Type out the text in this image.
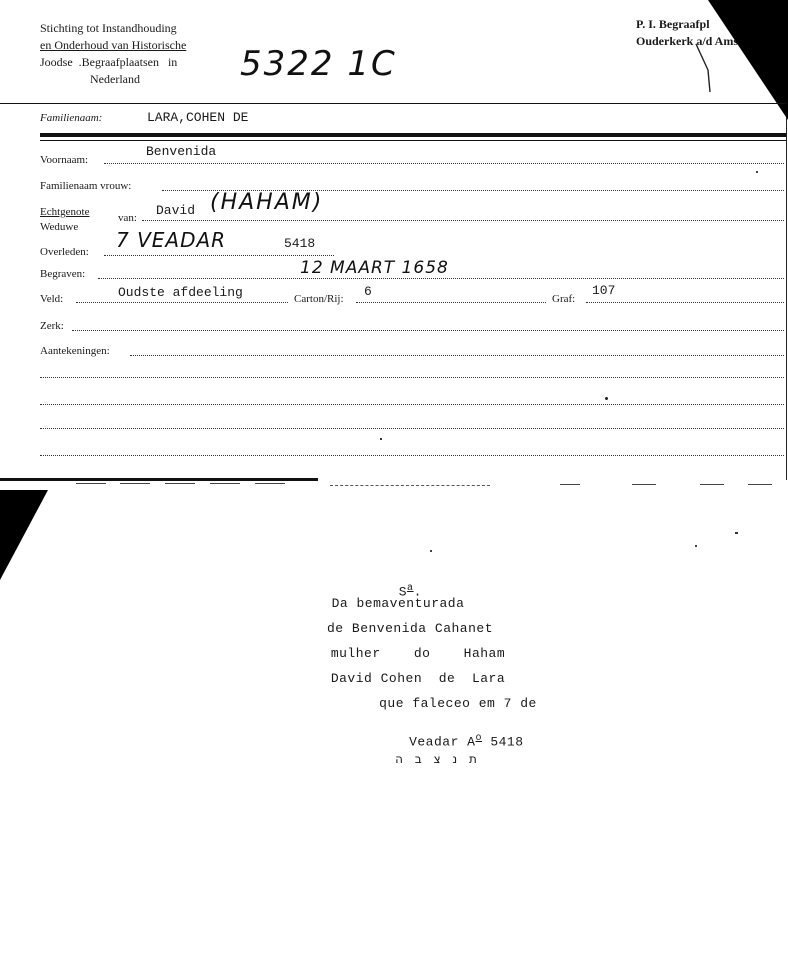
Stichting tot Instandhouding
en Onderhoud van Historische
Joodse  .Begraafplaatsen   in
Nederland
P. I. Begraafpl
Ouderkerk a/d Amst
5322 1C
Familienaam:	LARA,COHEN DE
Voornaam:
Benvenida
Familienaam vrouw:
Echtgenote
Weduwe
van: David (HAHAM)
Overleden: 7 VEADAR	5418
Begraven:	12 MAART 1658
Veld:	Oudste afdeeling	Carton/Rij: 6	Graf:
107
Zerk:
Aantekeningen:

$S^a$.

Da bemaventurada
de Benvenida Cahanet
mulher    do    Haham
David Cohen  de  Lara
que faleceo em 7 de

Veadar $A^o$ 5418

ת נ צ ב ה
